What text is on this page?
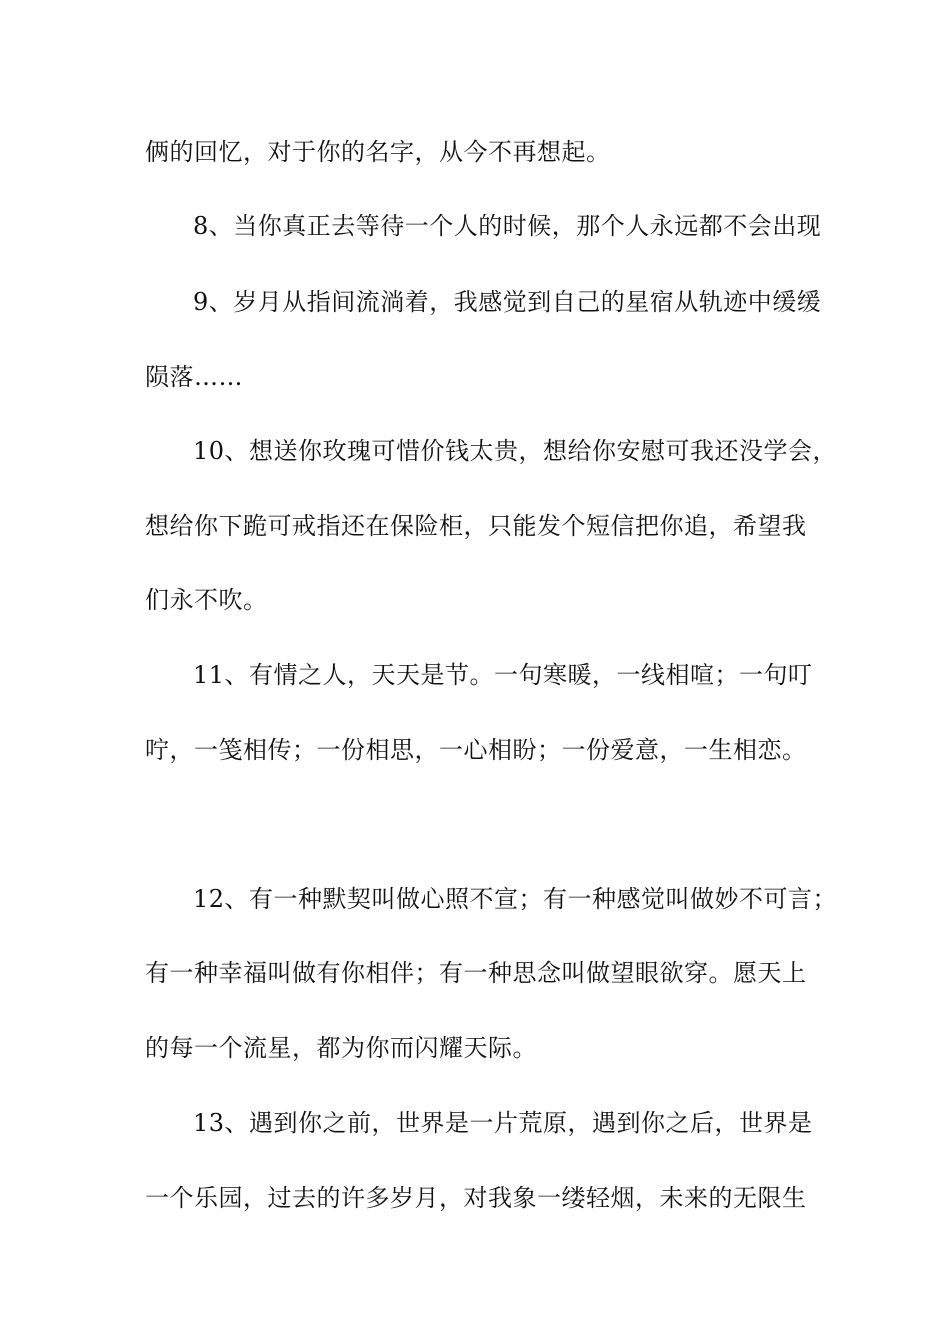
俩的回忆，对于你的名字，从今不再想起。
8、当你真正去等待一个人的时候，那个人永远都不会出现
9、岁月从指间流淌着，我感觉到自己的星宿从轨迹中缓缓
陨落……
10、想送你玫瑰可惜价钱太贵，想给你安慰可我还没学会，
想给你下跪可戒指还在保险柜，只能发个短信把你追，希望我
们永不吹。
11、有情之人，天天是节。一句寒暖，一线相喧；一句叮
咛，一笺相传；一份相思，一心相盼；一份爱意，一生相恋。
12、有一种默契叫做心照不宣；有一种感觉叫做妙不可言；
有一种幸福叫做有你相伴；有一种思念叫做望眼欲穿。愿天上
的每一个流星，都为你而闪耀天际。
13、遇到你之前，世界是一片荒原，遇到你之后，世界是
一个乐园，过去的许多岁月，对我象一缕轻烟，未来的无限生
